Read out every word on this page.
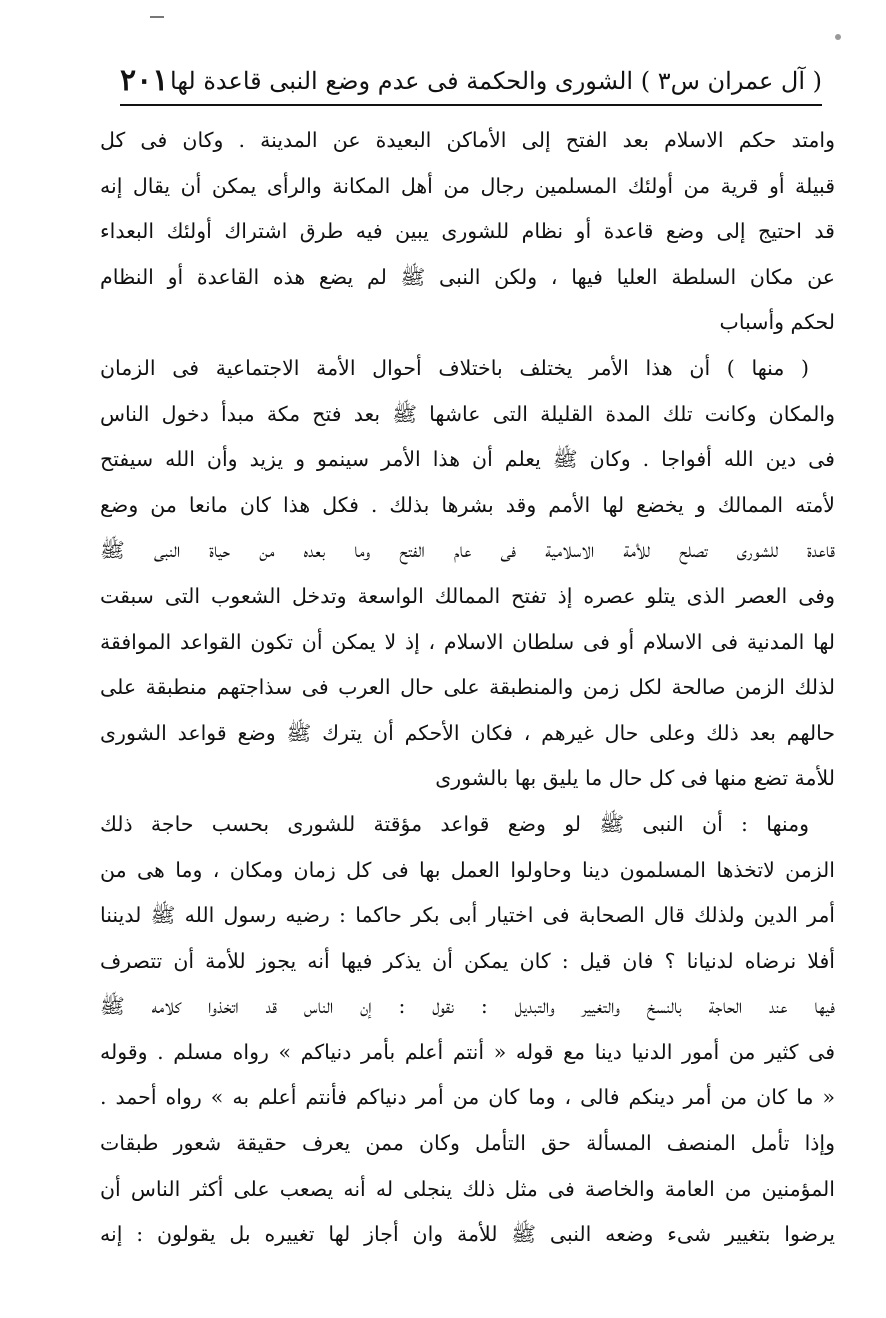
( آل عمران س٣ ) الشورى والحكمة فى عدم وضع النبى قاعدة لها
٢٠١
وامتد حكم الاسلام بعد الفتح إلى الأماكن البعيدة عن المدينة . وكان فى كل
قبيلة أو قرية من أولئك المسلمين رجال من أهل المكانة والرأى يمكن أن يقال إنه
قد احتيج إلى وضع قاعدة أو نظام للشورى يبين فيه طرق اشتراك أولئك البعداء
عن مكان السلطة العليا فيها ، ولكن النبى ﷺ لم يضع هذه القاعدة أو النظام
لحكم وأسباب
( منها ) أن هذا الأمر يختلف باختلاف أحوال الأمة الاجتماعية فى الزمان
والمكان وكانت تلك المدة القليلة التى عاشها ﷺ بعد فتح مكة مبدأ دخول الناس
فى دين الله أفواجا . وكان ﷺ يعلم أن هذا الأمر سينمو و يزيد وأن الله سيفتح
لأمته الممالك و يخضع لها الأمم وقد بشرها بذلك . فكل هذا كان مانعا من وضع
قاعدة للشورى تصلح للأمة الاسلامية فى عام الفتح وما بعده من حياة النبى ﷺ
وفى العصر الذى يتلو عصره إذ تفتح الممالك الواسعة وتدخل الشعوب التى سبقت
لها المدنية فى الاسلام أو فى سلطان الاسلام ، إذ لا يمكن أن تكون القواعد الموافقة
لذلك الزمن صالحة لكل زمن والمنطبقة على حال العرب فى سذاجتهم منطبقة على
حالهم بعد ذلك وعلى حال غيرهم ، فكان الأحكم أن يترك ﷺ وضع قواعد الشورى
للأمة تضع منها فى كل حال ما يليق بها بالشورى
ومنها : أن النبى ﷺ لو وضع قواعد مؤقتة للشورى بحسب حاجة ذلك
الزمن لاتخذها المسلمون دينا وحاولوا العمل بها فى كل زمان ومكان ، وما هى من
أمر الدين ولذلك قال الصحابة فى اختيار أبى بكر حاكما : رضيه رسول الله ﷺ لديننا
أفلا نرضاه لدنيانا ؟ فان قيل : كان يمكن أن يذكر فيها أنه يجوز للأمة أن تتصرف
فيها عند الحاجة بالنسخ والتغيير والتبديل : نقول : إن الناس قد اتخذوا كلامه ﷺ
فى كثير من أمور الدنيا دينا مع قوله « أنتم أعلم بأمر دنياكم » رواه مسلم . وقوله
« ما كان من أمر دينكم فالى ، وما كان من أمر دنياكم فأنتم أعلم به » رواه أحمد .
وإذا تأمل المنصف المسألة حق التأمل وكان ممن يعرف حقيقة شعور طبقات
المؤمنين من العامة والخاصة فى مثل ذلك ينجلى له أنه يصعب على أكثر الناس أن
يرضوا بتغيير شىء وضعه النبى ﷺ للأمة وان أجاز لها تغييره بل يقولون : إنه
